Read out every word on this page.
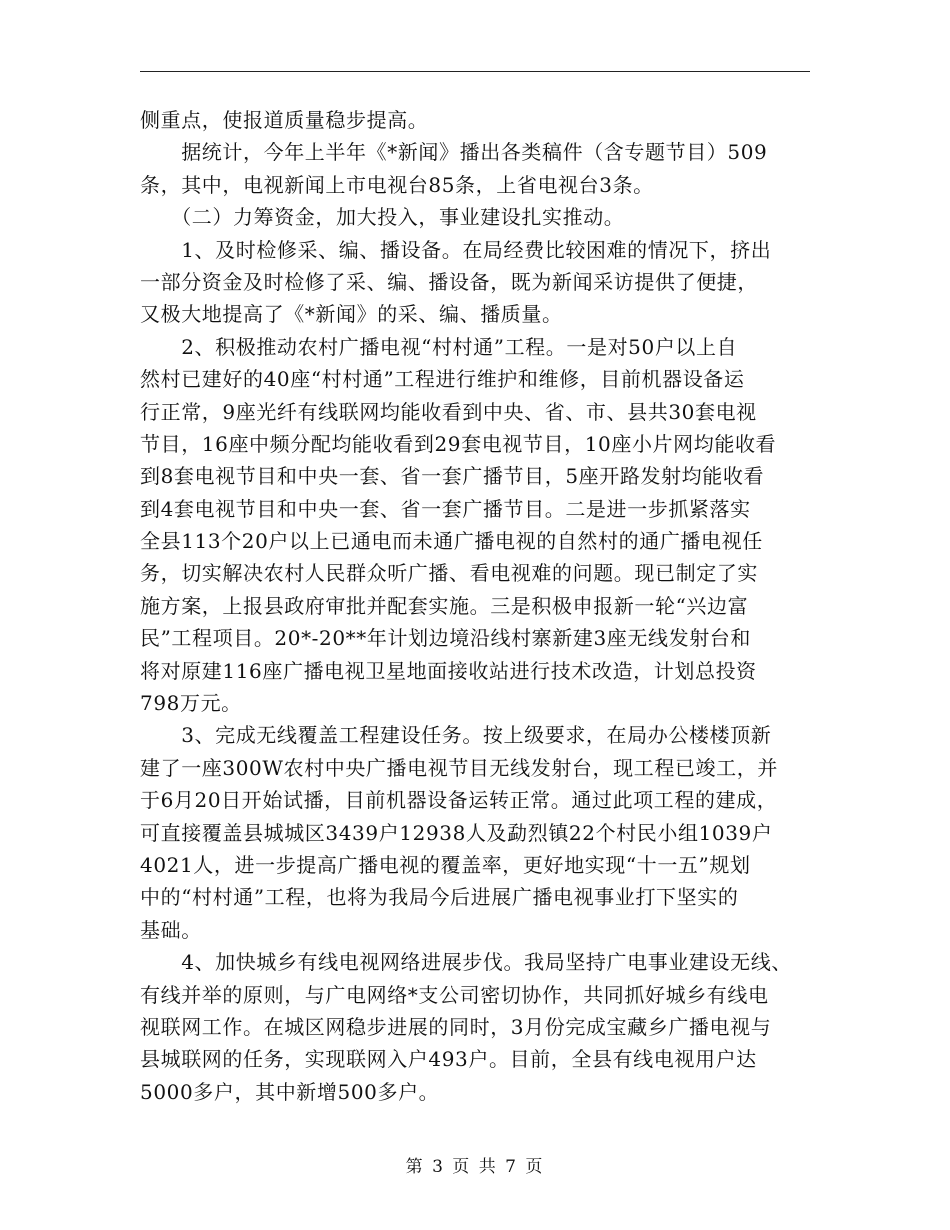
侧重点，使报道质量稳步提高。
　　据统计，今年上半年《*新闻》播出各类稿件（含专题节目）509
条，其中，电视新闻上市电视台85条，上省电视台3条。
　　（二）力筹资金，加大投入，事业建设扎实推动。
　　1、及时检修采、编、播设备。在局经费比较困难的情况下，挤出
一部分资金及时检修了采、编、播设备，既为新闻采访提供了便捷，
又极大地提高了《*新闻》的采、编、播质量。
　　2、积极推动农村广播电视“村村通”工程。一是对50户以上自
然村已建好的40座“村村通”工程进行维护和维修，目前机器设备运
行正常，9座光纤有线联网均能收看到中央、省、市、县共30套电视
节目，16座中频分配均能收看到29套电视节目，10座小片网均能收看
到8套电视节目和中央一套、省一套广播节目，5座开路发射均能收看
到4套电视节目和中央一套、省一套广播节目。二是进一步抓紧落实
全县113个20户以上已通电而未通广播电视的自然村的通广播电视任
务，切实解决农村人民群众听广播、看电视难的问题。现已制定了实
施方案，上报县政府审批并配套实施。三是积极申报新一轮“兴边富
民”工程项目。20*-20**年计划边境沿线村寨新建3座无线发射台和
将对原建116座广播电视卫星地面接收站进行技术改造，计划总投资
798万元。
　　3、完成无线覆盖工程建设任务。按上级要求，在局办公楼楼顶新
建了一座300W农村中央广播电视节目无线发射台，现工程已竣工，并
于6月20日开始试播，目前机器设备运转正常。通过此项工程的建成，
可直接覆盖县城城区3439户12938人及勐烈镇22个村民小组1039户
4021人，进一步提高广播电视的覆盖率，更好地实现“十一五”规划
中的“村村通”工程，也将为我局今后进展广播电视事业打下坚实的
基础。
　　4、加快城乡有线电视网络进展步伐。我局坚持广电事业建设无线、
有线并举的原则，与广电网络*支公司密切协作，共同抓好城乡有线电
视联网工作。在城区网稳步进展的同时，3月份完成宝藏乡广播电视与
县城联网的任务，实现联网入户493户。目前，全县有线电视用户达
5000多户，其中新增500多户。
第 3 页 共 7 页
